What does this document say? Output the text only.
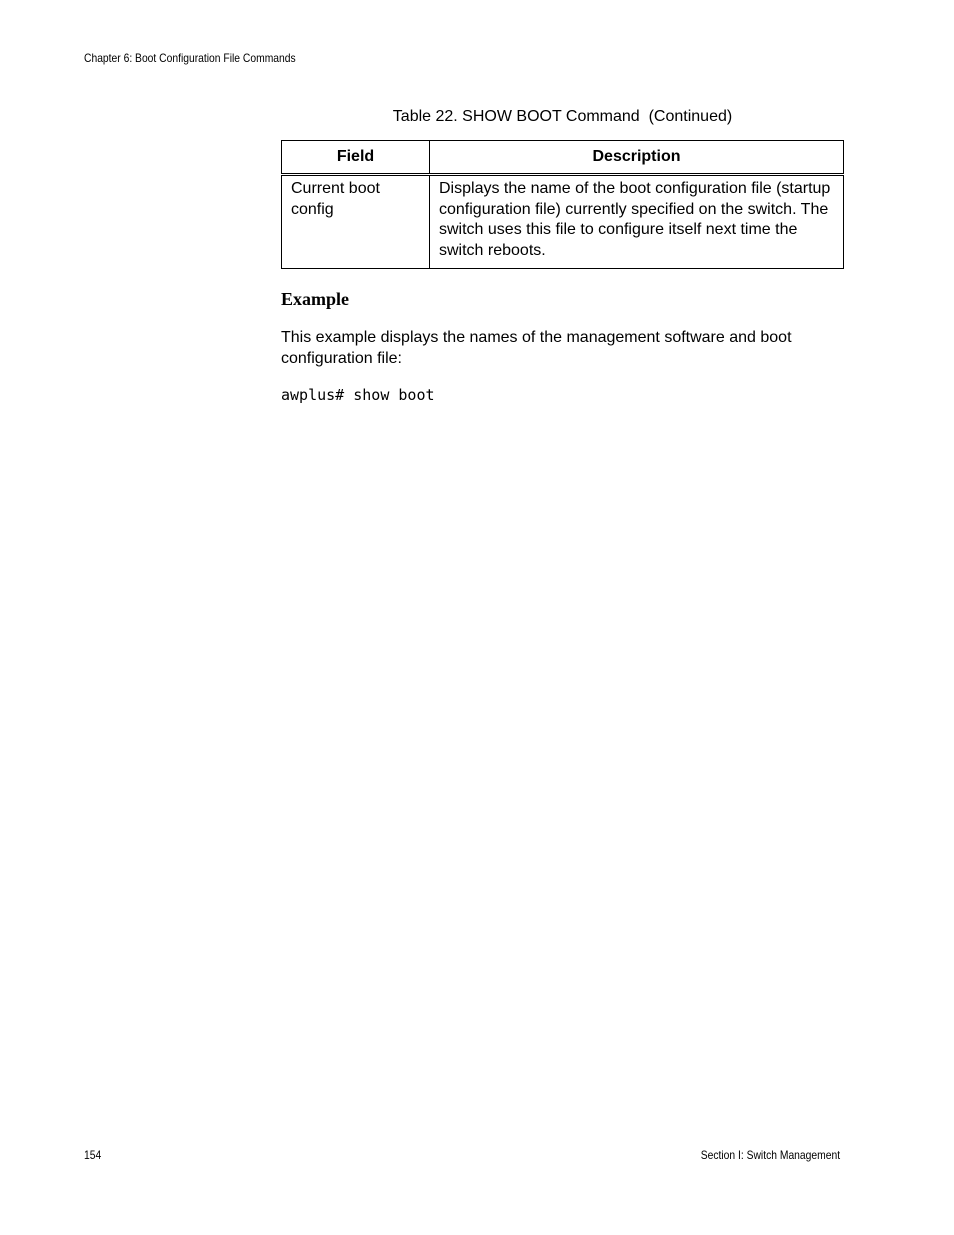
Chapter 6: Boot Configuration File Commands
Table 22. SHOW BOOT Command  (Continued)
Field	Description
Current boot config	Displays the name of the boot configuration file (startup configuration file) currently specified on the switch. The switch uses this file to configure itself next time the switch reboots.
Example
This example displays the names of the management software and boot configuration file:
awplus# show boot
154	Section I: Switch Management
